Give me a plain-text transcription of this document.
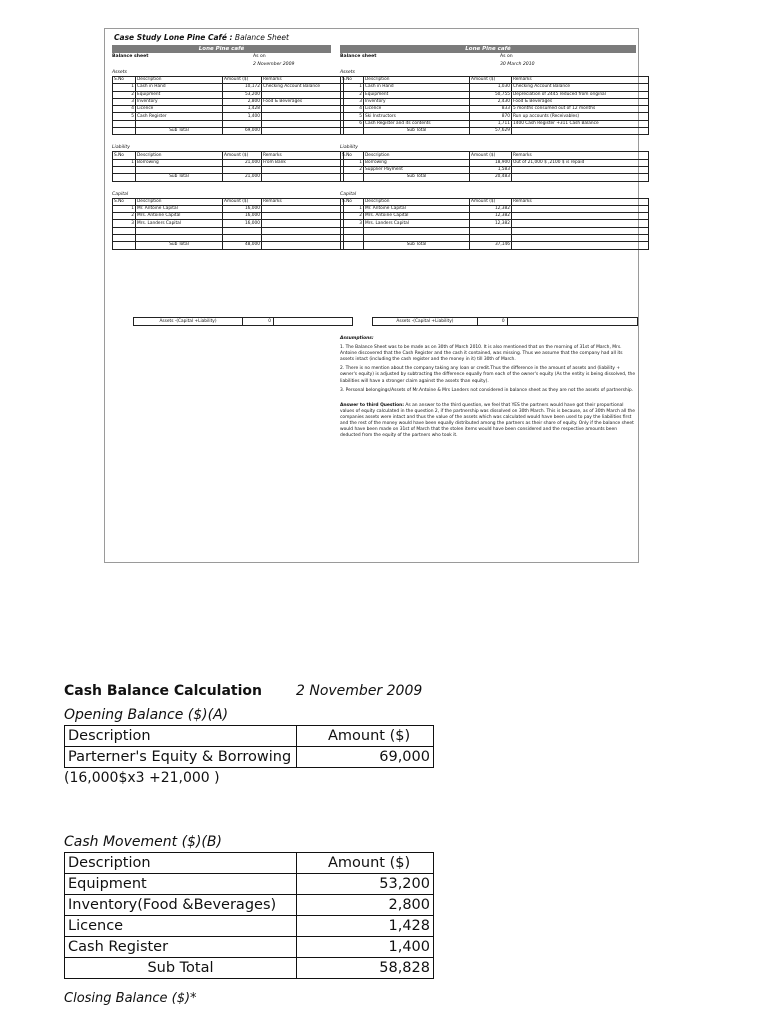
Case Study Lone Pine Café : Balance Sheet
Lone Pine café
Balance sheet	As on
2 November 2009
Assets
S.No	Description	Amount ($)	Remarks
1	Cash in Hand	10,172	Checking Account Balance
2	Equipment	53,200	
3	Inventory	2,800	Food & Beverages
4	Licence	1,428	
5	Cash Register	1,400	

	Sub Total	69,000	
Liability
S.No	Description	Amount ($)	Remarks
1	Borrowing	21,000	From Bank

	Sub Total	21,000	
Capital
S.No	Description	Amount ($)	Remarks
1	Mr. Antoine Capital	16,000	
2	Mrs. Antoine Capital	16,000	
3	Mrs. Landers Capital	16,000	

	Sub Total	48,000	
Lone Pine café
Balance sheet	As on
30 March 2010
Assets
S.No	Description	Amount ($)	Remarks
1	Cash in Hand	1,030	Checking Account Balance
2	Equipment	50,755	Depreciation of 2445 reduced from original
3	Inventory	2,430	Food & Beverages
4	Licence	833	5 months consumed out of 12 months
5	Ski Instructors	870	Run up accounts (Receivables)
6	Cash Register and its contents	1,711	1400 Cash Register +311 Cash Balance
	Sub Total	57,629	
Liability
S.No	Description	Amount ($)	Remarks
1	Borrowing	18,900	Out of 21,000 $ ,2100 $ is repaid
2	Supplier Payment	1,583	
	Sub Total	20,483	
Capital
S.No	Description	Amount ($)	Remarks
1	Mr. Antoine Capital	12,382	
2	Mrs. Antoine Capital	12,382	
3	Mrs. Landers Capital	12,382	

	Sub Total	37,146	
Assets -(Capital +Liability)	0		Assets -(Capital +Liability)	0	
Assumptions:

1. The Balance Sheet was to be made as on 30th of March 2010. It is also mentioned that on the morning of 31st of March, Mrs. Antoine discovered that the Cash Register and the cash it contained, was missing. Thus we assume that the company had all its assets intact (including the cash register and the money in it) till 30th of March.

2. There is no mention about the company taking any loan or credit.Thus the difference in the amount of assets and (liability + owner's equity) is adjusted by subtracting the difference equally from each of the owner's equity (As the entity is being dissolved, the liabilities will have a stronger claim against the assets than equity).

3. Personal belongings/Assets of Mr.Antoine & Mrs Landers not considered in balance sheet as they are not the assets of partnership.

Answer to third Question: As an answer to the third question, we feel that YES the partners would have got their proportional values of equity calculated in the question 2, if the partnership was dissolved on 30th March. This is because, as of 30th March all the companies assets were intact and thus the value of the assets which was calculated would have been used to pay the liabilities first and the rest of the money would have been equally distributed among the partners as their share of equity. Only if the balance sheet would have been made on 31st of March that the stolen items would have been considered and the respective amounts been deducted from the equity of the partners who took it.

Cash Balance Calculation 2 November 2009
Opening Balance ($)(A)
Description	Amount ($)

Parterner's Equity & Borrowing	69,000
(16,000$x3 +21,000 )
Cash Movement ($)(B)
Description	Amount ($)

Equipment	53,200
Inventory(Food &Beverages)	2,800
Licence	1,428
Cash Register	1,400
Sub Total	58,828
Closing Balance ($)*
